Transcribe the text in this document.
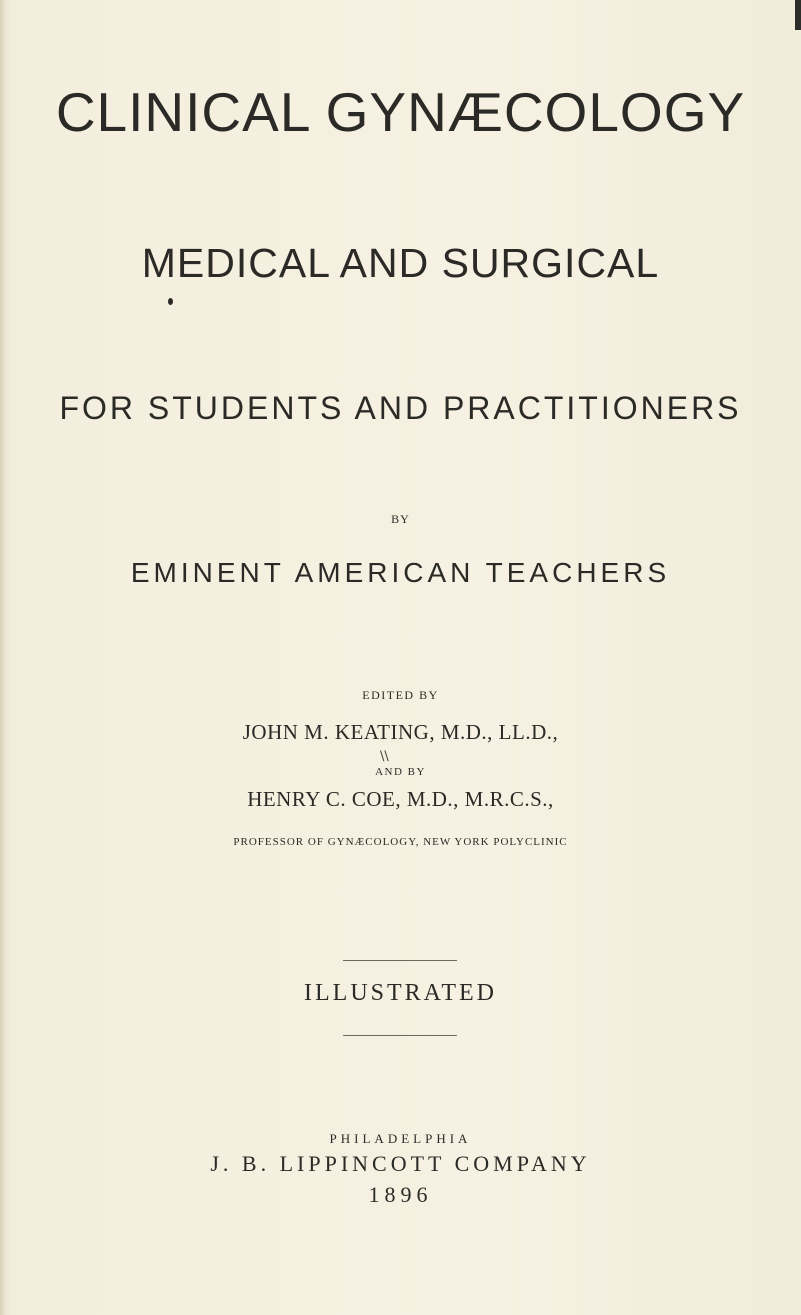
CLINICAL GYNÆCOLOGY
MEDICAL AND SURGICAL
FOR STUDENTS AND PRACTITIONERS
BY
EMINENT AMERICAN TEACHERS
EDITED BY
JOHN M. KEATING, M.D., LL.D.,
\\
AND BY
HENRY C. COE, M.D., M.R.C.S.,
PROFESSOR OF GYNÆCOLOGY, NEW YORK POLYCLINIC
ILLUSTRATED
PHILADELPHIA
J. B. LIPPINCOTT COMPANY
1896
